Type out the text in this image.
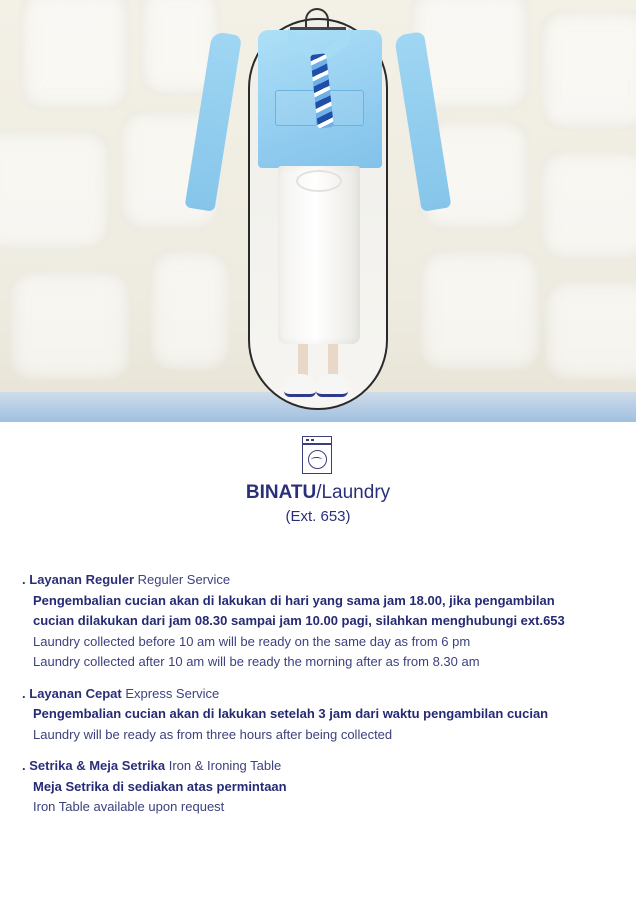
BINATU/Laundry
(Ext. 653)
. Layanan Reguler Reguler Service
Pengembalian cucian akan di lakukan di hari yang sama jam 18.00, jika pengambilan
cucian dilakukan dari jam 08.30 sampai jam 10.00 pagi, silahkan menghubungi ext.653
Laundry collected before 10 am will be ready on the same day as from 6 pm
Laundry collected after 10 am will be ready the morning after as from 8.30 am
. Layanan Cepat Express Service
Pengembalian cucian akan di lakukan setelah 3 jam dari waktu pengambilan cucian
Laundry will be ready as from three hours after being collected
. Setrika & Meja Setrika Iron & Ironing Table
Meja Setrika di sediakan atas permintaan
Iron Table available upon request
